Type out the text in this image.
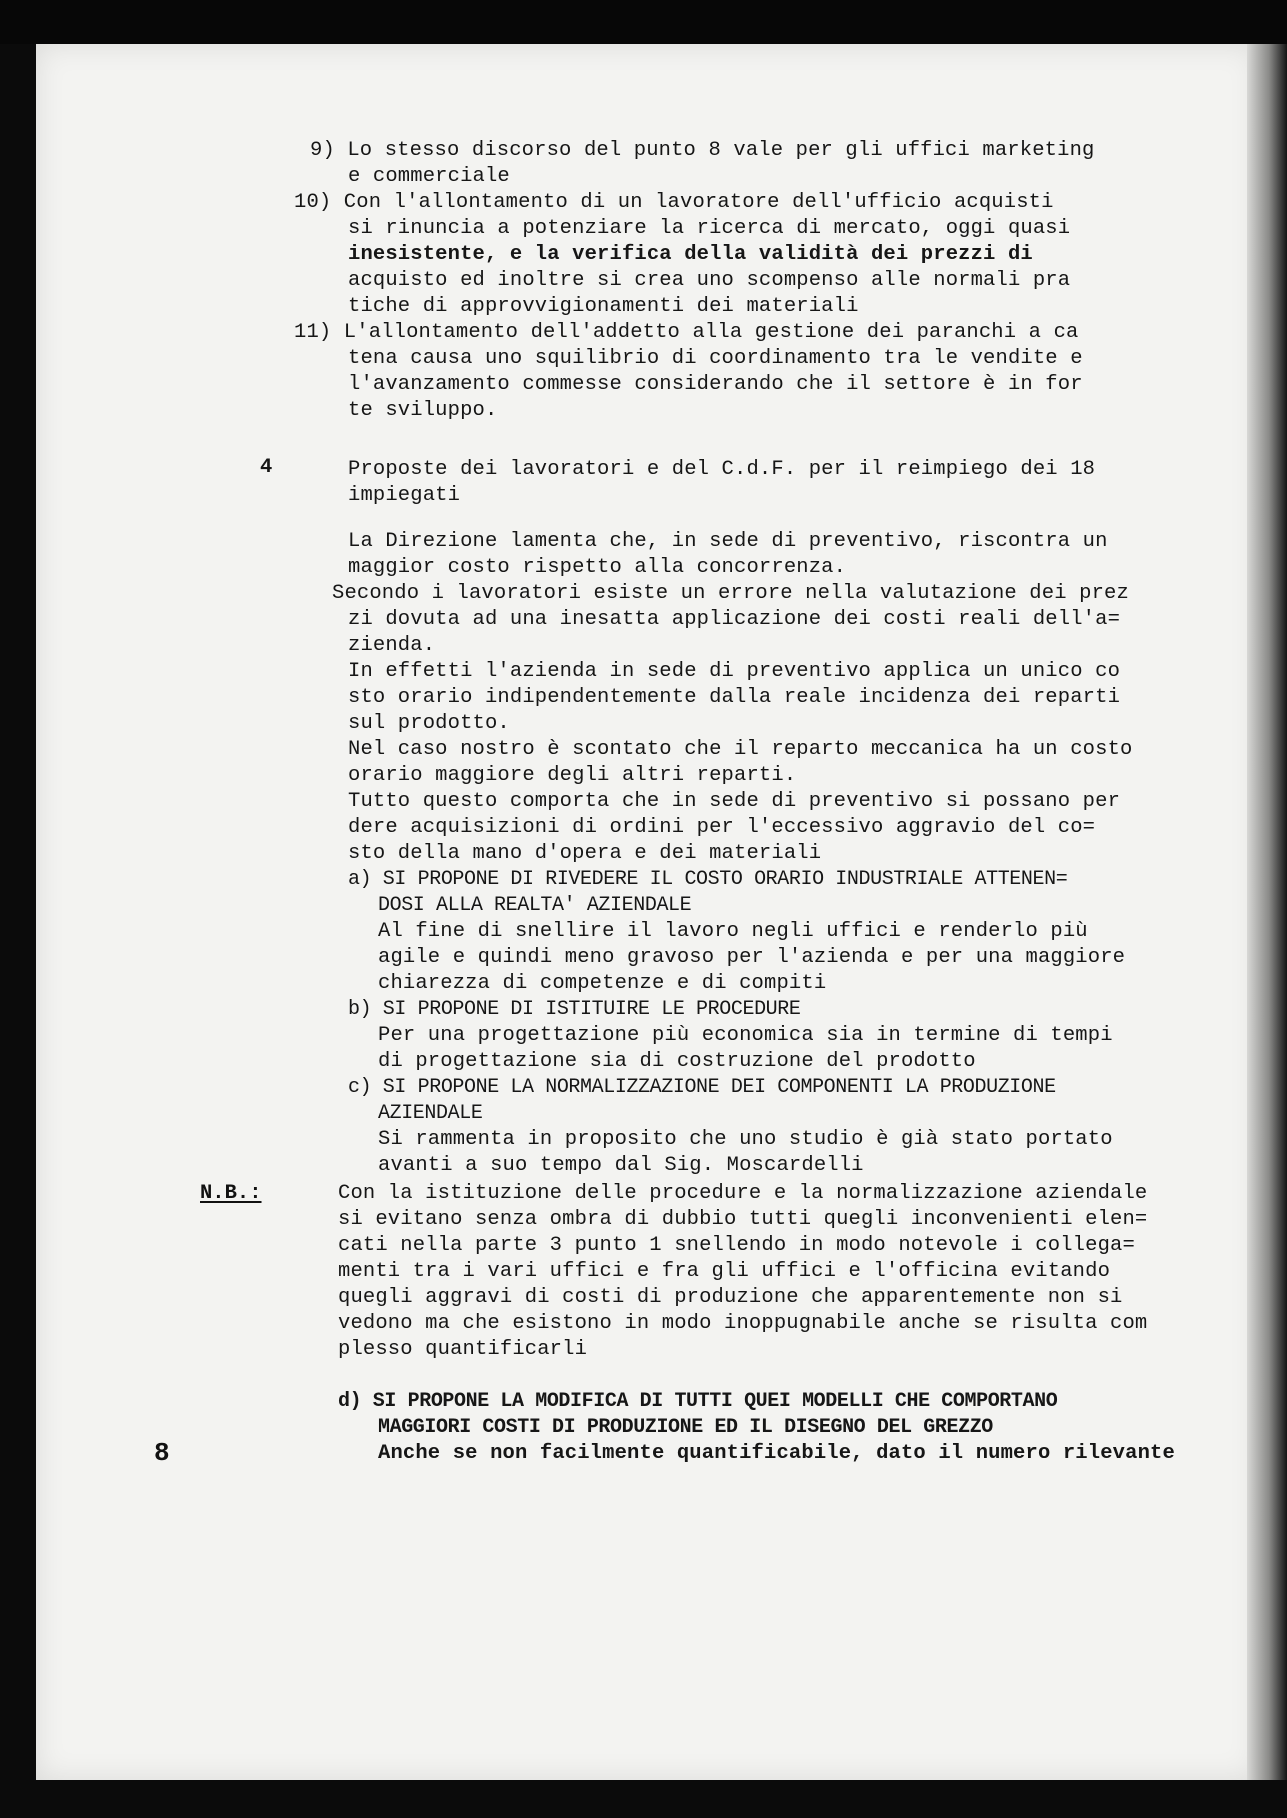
9) Lo stesso discorso del punto 8 vale per gli uffici marketing
e commerciale
10) Con l'allontamento di un lavoratore dell'ufficio acquisti
si rinuncia a potenziare la ricerca di mercato, oggi quasi
inesistente, e la verifica della validità dei prezzi di
acquisto ed inoltre si crea uno scompenso alle normali pra
tiche di approvvigionamenti dei materiali
11) L'allontamento dell'addetto alla gestione dei paranchi a ca
tena causa uno squilibrio di coordinamento tra le vendite e
l'avanzamento commesse considerando che il settore è in for
te sviluppo.
4	Proposte dei lavoratori e del C.d.F. per il reimpiego dei 18
impiegati
La Direzione lamenta che, in sede di preventivo, riscontra un
maggior costo rispetto alla concorrenza.
Secondo i lavoratori esiste un errore nella valutazione dei prez
zi dovuta ad una inesatta applicazione dei costi reali dell'a=
zienda.
In effetti l'azienda in sede di preventivo applica un unico co
sto orario indipendentemente dalla reale incidenza dei reparti
sul prodotto.
Nel caso nostro è scontato che il reparto meccanica ha un costo
orario maggiore degli altri reparti.
Tutto questo comporta che in sede di preventivo si possano per
dere acquisizioni di ordini per l'eccessivo aggravio del co=
sto della mano d'opera e dei materiali
a) SI PROPONE DI RIVEDERE IL COSTO ORARIO INDUSTRIALE ATTENEN=
DOSI ALLA REALTA' AZIENDALE
Al fine di snellire il lavoro negli uffici e renderlo più
agile e quindi meno gravoso per l'azienda e per una maggiore
chiarezza di competenze e di compiti
b) SI PROPONE DI ISTITUIRE LE PROCEDURE
Per una progettazione più economica sia in termine di tempi
di progettazione sia di costruzione del prodotto
c) SI PROPONE LA NORMALIZZAZIONE DEI COMPONENTI LA PRODUZIONE
AZIENDALE
Si rammenta in proposito che uno studio è già stato portato
avanti a suo tempo dal Sig. Moscardelli
N.B.:	Con la istituzione delle procedure e la normalizzazione aziendale
si evitano senza ombra di dubbio tutti quegli inconvenienti elen=
cati nella parte 3 punto 1 snellendo in modo notevole i collega=
menti tra i vari uffici e fra gli uffici e l'officina evitando
quegli aggravi di costi di produzione che apparentemente non si
vedono ma che esistono in modo inoppugnabile anche se risulta com
plesso quantificarli
d) SI PROPONE LA MODIFICA DI TUTTI QUEI MODELLI CHE COMPORTANO
MAGGIORI COSTI DI PRODUZIONE ED IL DISEGNO DEL GREZZO
Anche se non facilmente quantificabile, dato il numero rilevante
8
